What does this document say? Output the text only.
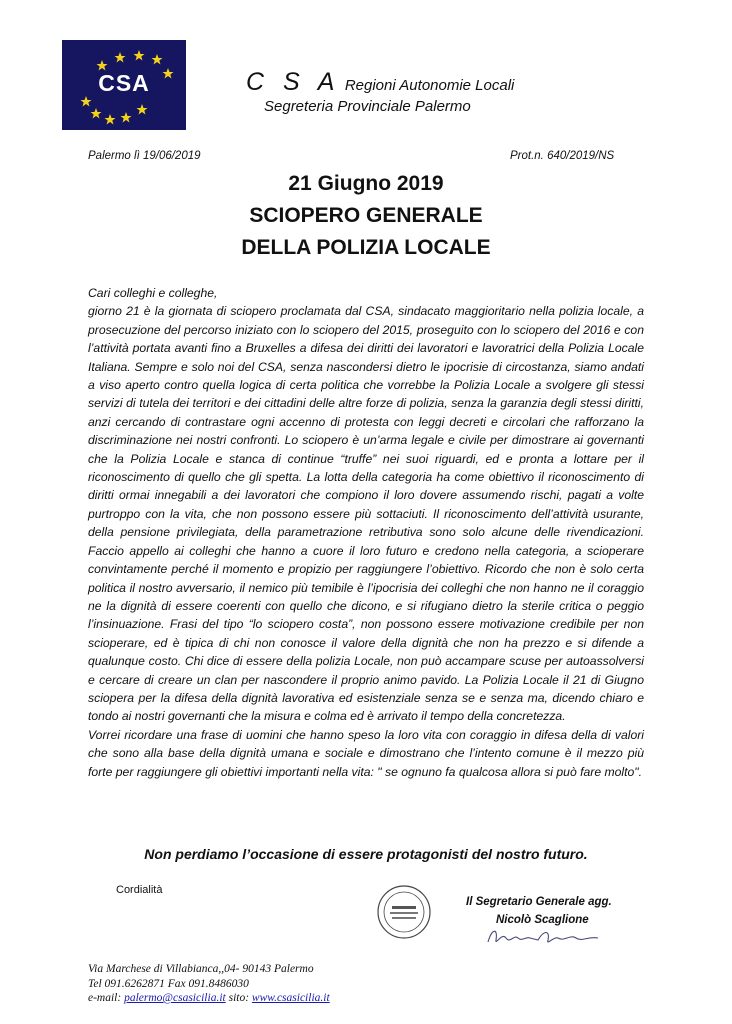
CSA	C S A Regioni Autonomie Locali
Segreteria Provinciale Palermo
Palermo lì 19/06/2019	Prot.n. 640/2019/NS
21 Giugno 2019
SCIOPERO GENERALE
DELLA POLIZIA LOCALE

Cari colleghi e colleghe,

giorno 21 è la giornata di sciopero proclamata dal CSA, sindacato maggioritario nella polizia locale, a prosecuzione del percorso iniziato con lo sciopero del 2015, proseguito con lo sciopero del 2016 e con l’attività portata avanti fino a Bruxelles a difesa dei diritti dei lavoratori e lavoratrici della Polizia Locale Italiana. Sempre e solo noi del CSA, senza nascondersi dietro le ipocrisie di circostanza, siamo andati a viso aperto contro quella logica di certa politica che vorrebbe la Polizia Locale a svolgere gli stessi servizi di tutela dei territori e dei cittadini delle altre forze di polizia, senza la garanzia degli stessi diritti, anzi cercando di contrastare ogni accenno di protesta con leggi decreti e circolari che rafforzano la discriminazione nei nostri confronti. Lo sciopero è un’arma legale e civile per dimostrare ai governanti che la Polizia Locale e stanca di continue “truffe” nei suoi riguardi, ed e pronta a lottare per il riconoscimento di quello che gli spetta. La lotta della categoria ha come obiettivo il riconoscimento di diritti ormai innegabili a dei lavoratori che compiono il loro dovere assumendo rischi, pagati a volte purtroppo con la vita, che non possono essere più sottaciuti. Il riconoscimento dell’attività usurante, della pensione privilegiata, della parametrazione retributiva sono solo alcune delle rivendicazioni. Faccio appello ai colleghi che hanno a cuore il loro futuro e credono nella categoria, a scioperare convintamente perché il momento e propizio per raggiungere l’obiettivo. Ricordo che non è solo certa politica il nostro avversario, il nemico più temibile è l’ipocrisia dei colleghi che non hanno ne il coraggio ne la dignità di essere coerenti con quello che dicono, e si rifugiano dietro la sterile critica o peggio l’insinuazione. Frasi del tipo “lo sciopero costa”, non possono essere motivazione credibile per non scioperare, ed è tipica di chi non conosce il valore della dignità che non ha prezzo e si difende a qualunque costo. Chi dice di essere della polizia Locale, non può accampare scuse per autoassolversi e cercare di creare un clan per nascondere il proprio animo pavido. La Polizia Locale il 21 di Giugno sciopera per la difesa della dignità lavorativa ed esistenziale senza se e senza ma, dicendo chiaro e tondo ai nostri governanti che la misura e colma ed è arrivato il tempo della concretezza.

Vorrei ricordare una frase di uomini che hanno speso la loro vita con coraggio in difesa della di valori che sono alla base della dignità umana e sociale e dimostrano che l’intento comune è il mezzo più forte per raggiungere gli obiettivi importanti nella vita: " se ognuno fa qualcosa allora si può fare molto".

Non perdiamo l’occasione di essere protagonisti del nostro futuro.
Cordialità
Il Segretario Generale agg.
Nicolò Scaglione
Via Marchese di Villabianca,,04- 90143 Palermo
Tel 091.6262871 Fax 091.8486030
e-mail: palermo@csasicilia.it sito: www.csasicilia.it
